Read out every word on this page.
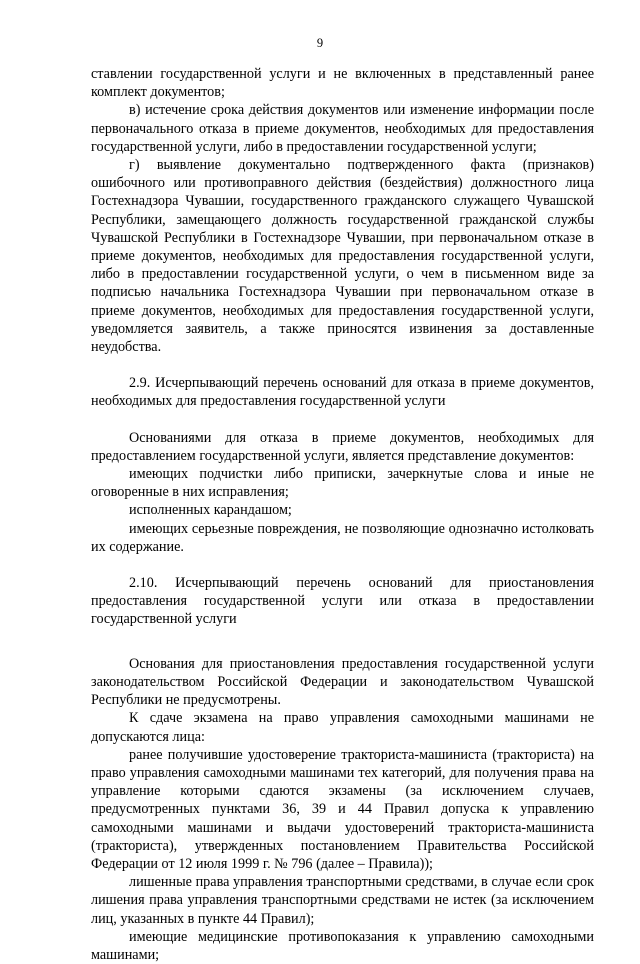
9

ставлении государственной услуги и не включенных в представленный ранее комплект документов;

в) истечение срока действия документов или изменение информации после первоначального отказа в приеме документов, необходимых для предоставления государственной услуги, либо в предоставлении государственной услуги;

г) выявление документально подтвержденного факта (признаков) ошибочного или противоправного действия (бездействия) должностного лица Гостехнадзора Чувашии, государственного гражданского служащего Чувашской Республики, замещающего должность государственной гражданской службы Чувашской Республики в Гостехнадзоре Чувашии, при первоначальном отказе в приеме документов, необходимых для предоставления государственной услуги, либо в предоставлении государственной услуги, о чем в письменном виде за подписью начальника Гостехнадзора Чувашии при первоначальном отказе в приеме документов, необходимых для предоставления государственной услуги, уведомляется заявитель, а также приносятся извинения за доставленные неудобства.

2.9. Исчерпывающий перечень оснований для отказа в приеме документов, необходимых для предоставления государственной услуги

Основаниями для отказа в приеме документов, необходимых для предоставлением государственной услуги, является представление документов:

имеющих подчистки либо приписки, зачеркнутые слова и иные не оговоренные в них исправления;

исполненных карандашом;

имеющих серьезные повреждения, не позволяющие однозначно истолковать их содержание.

2.10. Исчерпывающий перечень оснований для приостановления предоставления государственной услуги или отказа в предоставлении государственной услуги

Основания для приостановления предоставления государственной услуги законодательством Российской Федерации и законодательством Чувашской Республики не предусмотрены.

К сдаче экзамена на право управления самоходными машинами не допускаются лица:

ранее получившие удостоверение тракториста-машиниста (тракториста) на право управления самоходными машинами тех категорий, для получения права на управление которыми сдаются экзамены (за исключением случаев, предусмотренных пунктами 36, 39 и 44 Правил допуска к управлению самоходными машинами и выдачи удостоверений тракториста-машиниста (тракториста), утвержденных постановлением Правительства Российской Федерации от 12 июля 1999 г. № 796 (далее – Правила));

лишенные права управления транспортными средствами, в случае если срок лишения права управления транспортными средствами не истек (за исключением лиц, указанных в пункте 44 Правил);

имеющие медицинские противопоказания к управлению самоходными машинами;
